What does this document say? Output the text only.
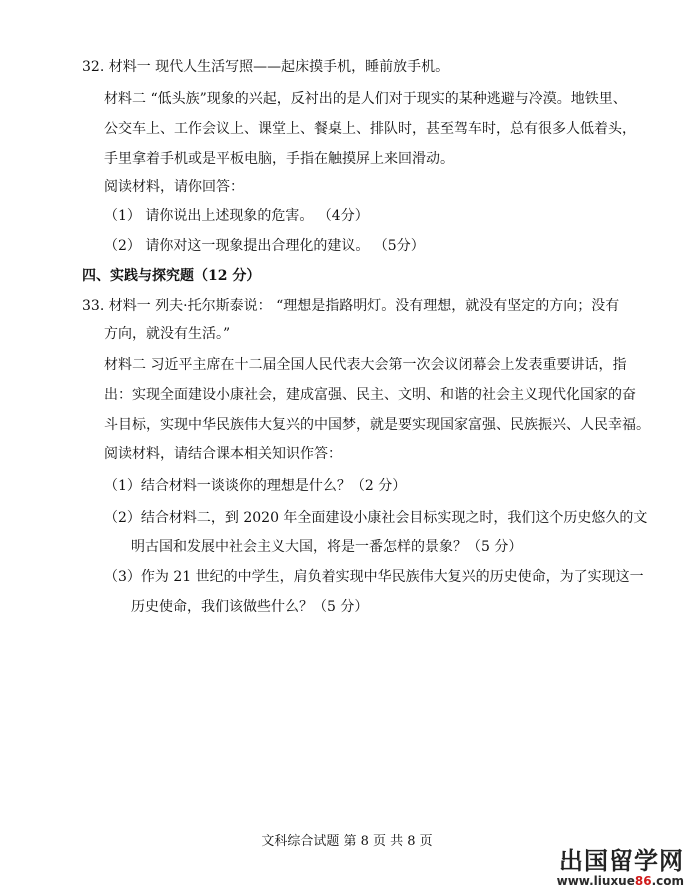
32. 材料一 现代人生活写照——起床摸手机，睡前放手机。
材料二 “低头族”现象的兴起，反衬出的是人们对于现实的某种逃避与冷漠。地铁里、
公交车上、工作会议上、课堂上、餐桌上、排队时，甚至驾车时，总有很多人低着头，
手里拿着手机或是平板电脑，手指在触摸屏上来回滑动。
阅读材料，请你回答：
（1） 请你说出上述现象的危害。 （4分）
（2） 请你对这一现象提出合理化的建议。 （5分）
四、实践与探究题（12 分）
33. 材料一 列夫·托尔斯泰说： “理想是指路明灯。没有理想，就没有坚定的方向；没有
方向，就没有生活。”
材料二 习近平主席在十二届全国人民代表大会第一次会议闭幕会上发表重要讲话，指
出：实现全面建设小康社会，建成富强、民主、文明、和谐的社会主义现代化国家的奋
斗目标，实现中华民族伟大复兴的中国梦，就是要实现国家富强、民族振兴、人民幸福。
阅读材料，请结合课本相关知识作答：
（1）结合材料一谈谈你的理想是什么？（2 分）
（2）结合材料二，到 2020 年全面建设小康社会目标实现之时，我们这个历史悠久的文
明古国和发展中社会主义大国，将是一番怎样的景象？（5 分）
（3）作为 21 世纪的中学生，肩负着实现中华民族伟大复兴的历史使命，为了实现这一
历史使命，我们该做些什么？（5 分）
文科综合试题 第 8 页 共 8 页
出国留学网
www.liuxue86.com
